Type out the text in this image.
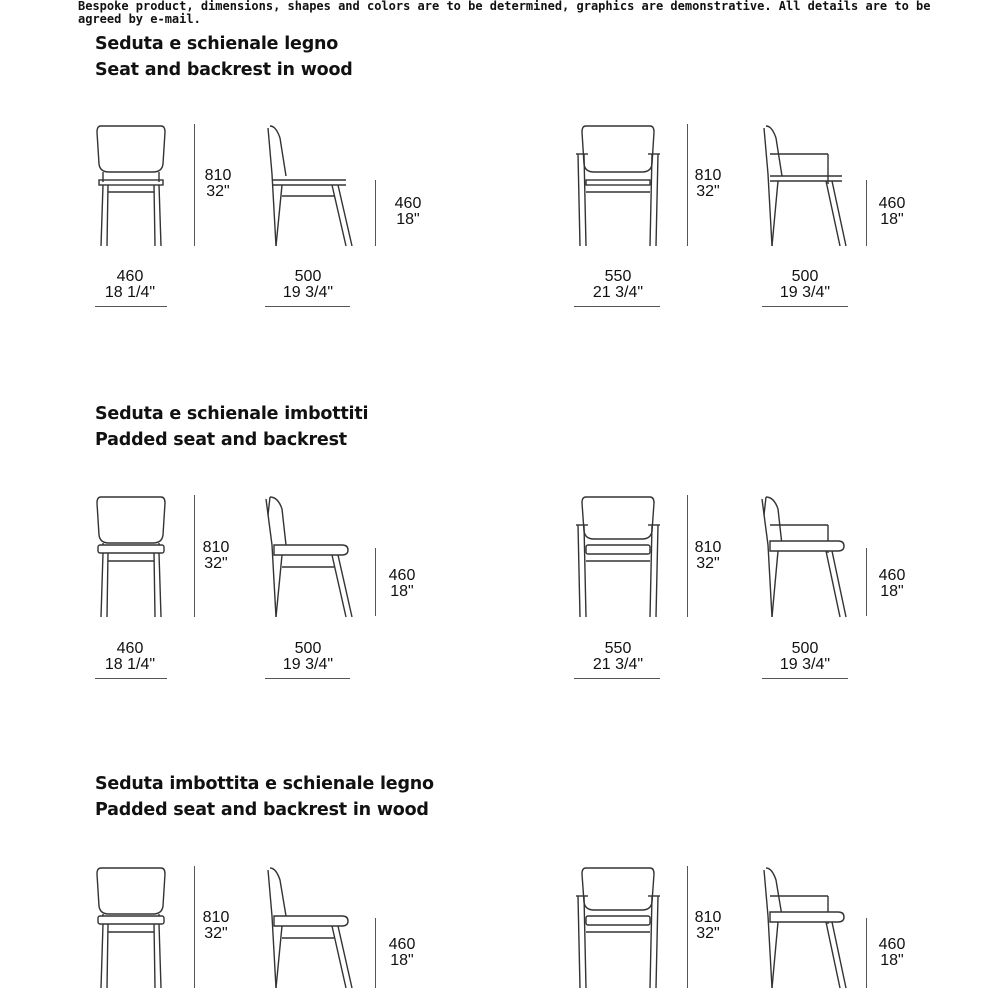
Bespoke product, dimensions, shapes and colors are to be determined, graphics are demonstrative. All details are to be agreed by e-mail.
Seduta e schienale legno
Seat and backrest in wood
810
32"
460
18"
460
18 1/4"
500
19 3/4"
810
32"
460
18"
550
21 3/4"
500
19 3/4"
Seduta e schienale imbottiti
Padded seat and backrest
810
32"
460
18"
460
18 1/4"
500
19 3/4"
810
32"
460
18"
550
21 3/4"
500
19 3/4"
Seduta imbottita e schienale legno
Padded seat and backrest in wood
810
32"
460
18"
810
32"
460
18"
